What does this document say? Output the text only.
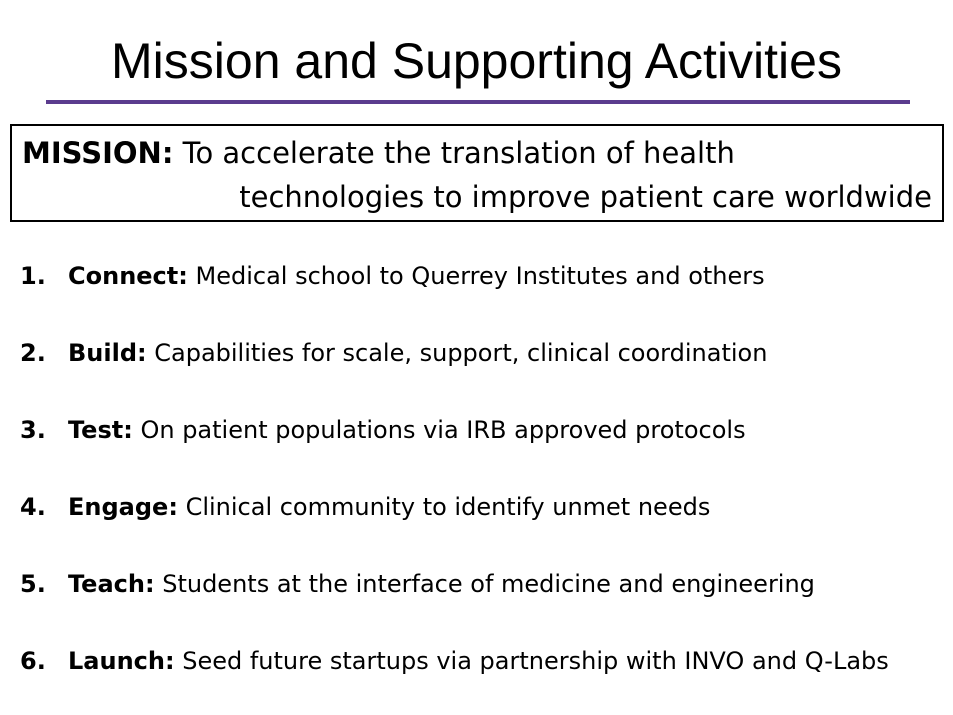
Mission and Supporting Activities
MISSION: To accelerate the translation of health
technologies to improve patient care worldwide
1. Connect: Medical school to Querrey Institutes and others
2. Build: Capabilities for scale, support, clinical coordination
3. Test: On patient populations via IRB approved protocols
4. Engage: Clinical community to identify unmet needs
5. Teach: Students at the interface of medicine and engineering
6. Launch: Seed future startups via partnership with INVO and Q-Labs
